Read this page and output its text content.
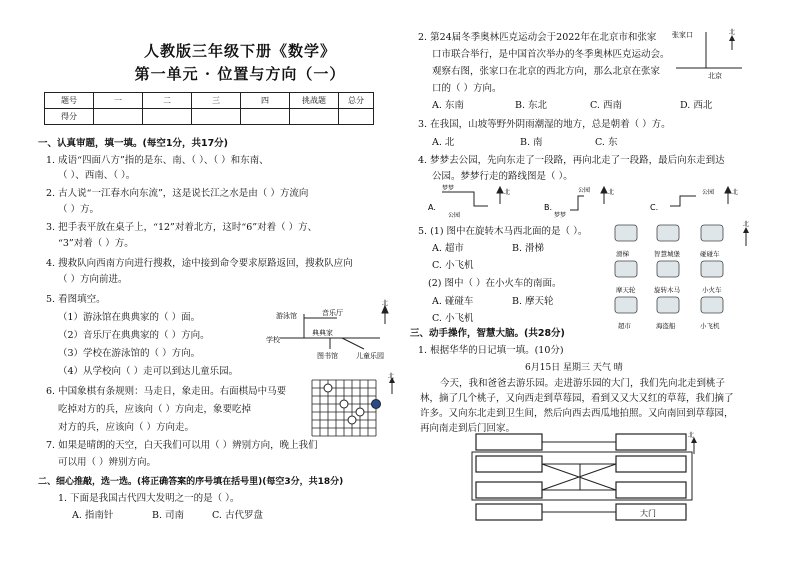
人教版三年级下册《数学》
第一单元 · 位置与方向（一）
题号	一	二	三	四	挑战题	总分
得分						
一、认真审题，填一填。(每空1分，共17分)
1. 成语“四面八方”指的是东、南、（ ）、（ ）和东南、
（ ）、西南、（ ）。
2. 古人说“一江春水向东流”，这是说长江之水是由（ ）方流向
（ ）方。
3. 把手表平放在桌子上，“12”对着北方，这时“6”对着（ ）方、
“3”对着（ ）方。
4. 搜救队向西南方向进行搜救，途中接到命令要求原路返回，搜救队应向
（ ）方向前进。
5. 看图填空。
（1）游泳馆在典典家的（ ）面。
（2）音乐厅在典典家的（ ）方向。
（3）学校在游泳馆的（ ）方向。
（4）从学校向（ ）走可以到达儿童乐园。
游泳馆	音乐厅
学校
典典家
图书馆	儿童乐园
北
6. 中国象棋有条规则：马走日，象走田。右面棋局中马要
吃掉对方的兵，应该向（ ）方向走，象要吃掉
对方的兵，应该向（ ）方向走。
北
7. 如果是晴朗的天空，白天我们可以用（ ）辨别方向，晚上我们
可以用（ ）辨别方向。
二、细心推敲，选一选。(将正确答案的序号填在括号里)(每空3分，共18分)
1. 下面是我国古代四大发明之一的是（ ）。
A. 指南针	B. 司南	C. 古代罗盘
2. 第24届冬季奥林匹克运动会于2022年在北京市和张家
口市联合举行，是中国首次举办的冬季奥林匹克运动会。
观察右图，张家口在北京的西北方向，那么北京在张家
口的（ ）方向。
A. 东南	B. 东北	C. 西南	D. 西北
张家口
北京
北
3. 在我国，山坡等野外阴雨潮湿的地方，总是朝着（ ）方。
A. 北	B. 南	C. 东
4. 梦梦去公园，先向东走了一段路，再向北走了一段路，最后向东走到达
公园。梦梦行走的路线图是（ ）。
A.
梦梦
公园
北
B.
梦梦
公园	北
C.
公园	北
5. (1) 图中在旋转木马西北面的是（ ）。
A. 超市	B. 滑梯
C. 小飞机
(2) 图中（ ）在小火车的南面。
A. 碰碰车	B. 摩天轮
C. 小飞机
北
滑梯	智慧城堡	碰碰车
摩天轮	旋转木马	小火车
超市	海盗船	小飞机
三、动手操作，智慧大脑。(共28分)
1. 根据华华的日记填一填。(10分)
6月15日 星期三 天气 晴
今天，我和爸爸去游乐园。走进游乐园的大门，我们先向北走到桃子
林，摘了几个桃子，又向西走到草莓园，看到又又大又红的草莓，我们摘了
许多。又向东北走到卫生间，然后向西去西瓜地拍照。又向南回到草莓园，
再向南走到后门回家。
大门
北
